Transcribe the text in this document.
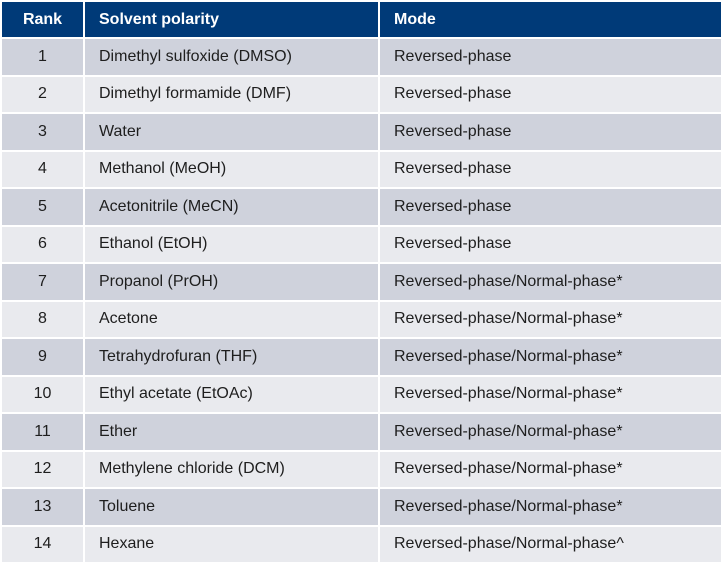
Rank	Solvent polarity	Mode
1	Dimethyl sulfoxide (DMSO)	Reversed-phase
2	Dimethyl formamide (DMF)	Reversed-phase
3	Water	Reversed-phase
4	Methanol (MeOH)	Reversed-phase
5	Acetonitrile (MeCN)	Reversed-phase
6	Ethanol (EtOH)	Reversed-phase
7	Propanol (PrOH)	Reversed-phase/Normal-phase*
8	Acetone	Reversed-phase/Normal-phase*
9	Tetrahydrofuran (THF)	Reversed-phase/Normal-phase*
10	Ethyl acetate (EtOAc)	Reversed-phase/Normal-phase*
11	Ether	Reversed-phase/Normal-phase*
12	Methylene chloride (DCM)	Reversed-phase/Normal-phase*
13	Toluene	Reversed-phase/Normal-phase*
14	Hexane	Reversed-phase/Normal-phase^
